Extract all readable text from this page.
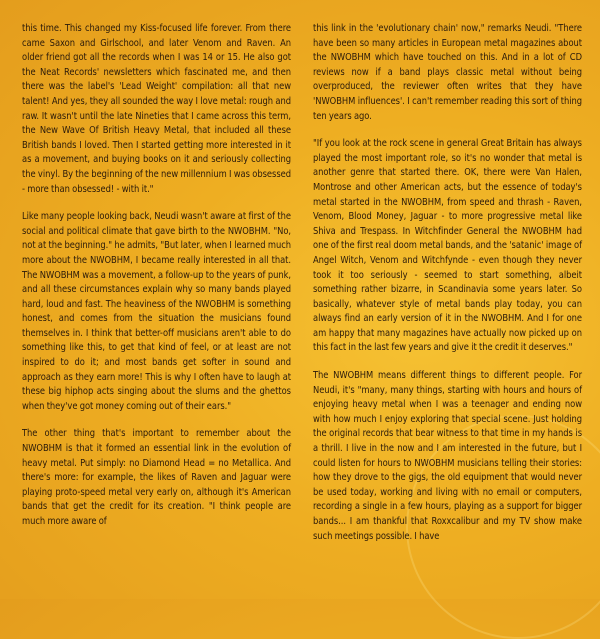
this time. This changed my Kiss-focused life forever. From there came Saxon and Girlschool, and later Venom and Raven. An older friend got all the records when I was 14 or 15. He also got the Neat Records' newsletters which fascinated me, and then there was the label's 'Lead Weight' compilation: all that new talent! And yes, they all sounded the way I love metal: rough and raw. It wasn't until the late Nineties that I came across this term, the New Wave Of British Heavy Metal, that included all these British bands I loved. Then I started getting more interested in it as a movement, and buying books on it and seriously collecting the vinyl. By the beginning of the new millennium I was obsessed - more than obsessed! - with it."

Like many people looking back, Neudi wasn't aware at first of the social and political climate that gave birth to the NWOBHM. "No, not at the beginning." he admits, "But later, when I learned much more about the NWOBHM, I became really interested in all that. The NWOBHM was a movement, a follow-up to the years of punk, and all these circumstances explain why so many bands played hard, loud and fast. The heaviness of the NWOBHM is something honest, and comes from the situation the musicians found themselves in. I think that better-off musicians aren't able to do something like this, to get that kind of feel, or at least are not inspired to do it; and most bands get softer in sound and approach as they earn more! This is why I often have to laugh at these big hiphop acts singing about the slums and the ghettos when they've got money coming out of their ears."

The other thing that's important to remember about the NWOBHM is that it formed an essential link in the evolution of heavy metal. Put simply: no Diamond Head = no Metallica. And there's more: for example, the likes of Raven and Jaguar were playing proto-speed metal very early on, although it's American bands that get the credit for its creation. "I think people are much more aware of

this link in the 'evolutionary chain' now," remarks Neudi. "There have been so many articles in European metal magazines about the NWOBHM which have touched on this. And in a lot of CD reviews now if a band plays classic metal without being overproduced, the reviewer often writes that they have 'NWOBHM influences'. I can't remember reading this sort of thing ten years ago.

"If you look at the rock scene in general Great Britain has always played the most important role, so it's no wonder that metal is another genre that started there. OK, there were Van Halen, Montrose and other American acts, but the essence of today's metal started in the NWOBHM, from speed and thrash - Raven, Venom, Blood Money, Jaguar - to more progressive metal like Shiva and Trespass. In Witchfinder General the NWOBHM had one of the first real doom metal bands, and the 'satanic' image of Angel Witch, Venom and Witchfynde - even though they never took it too seriously - seemed to start something, albeit something rather bizarre, in Scandinavia some years later. So basically, whatever style of metal bands play today, you can always find an early version of it in the NWOBHM. And I for one am happy that many magazines have actually now picked up on this fact in the last few years and give it the credit it deserves."

The NWOBHM means different things to different people. For Neudi, it's "many, many things, starting with hours and hours of enjoying heavy metal when I was a teenager and ending now with how much I enjoy exploring that special scene. Just holding the original records that bear witness to that time in my hands is a thrill. I live in the now and I am interested in the future, but I could listen for hours to NWOBHM musicians telling their stories: how they drove to the gigs, the old equipment that would never be used today, working and living with no email or computers, recording a single in a few hours, playing as a support for bigger bands... I am thankful that Roxxcalibur and my TV show make such meetings possible. I have
